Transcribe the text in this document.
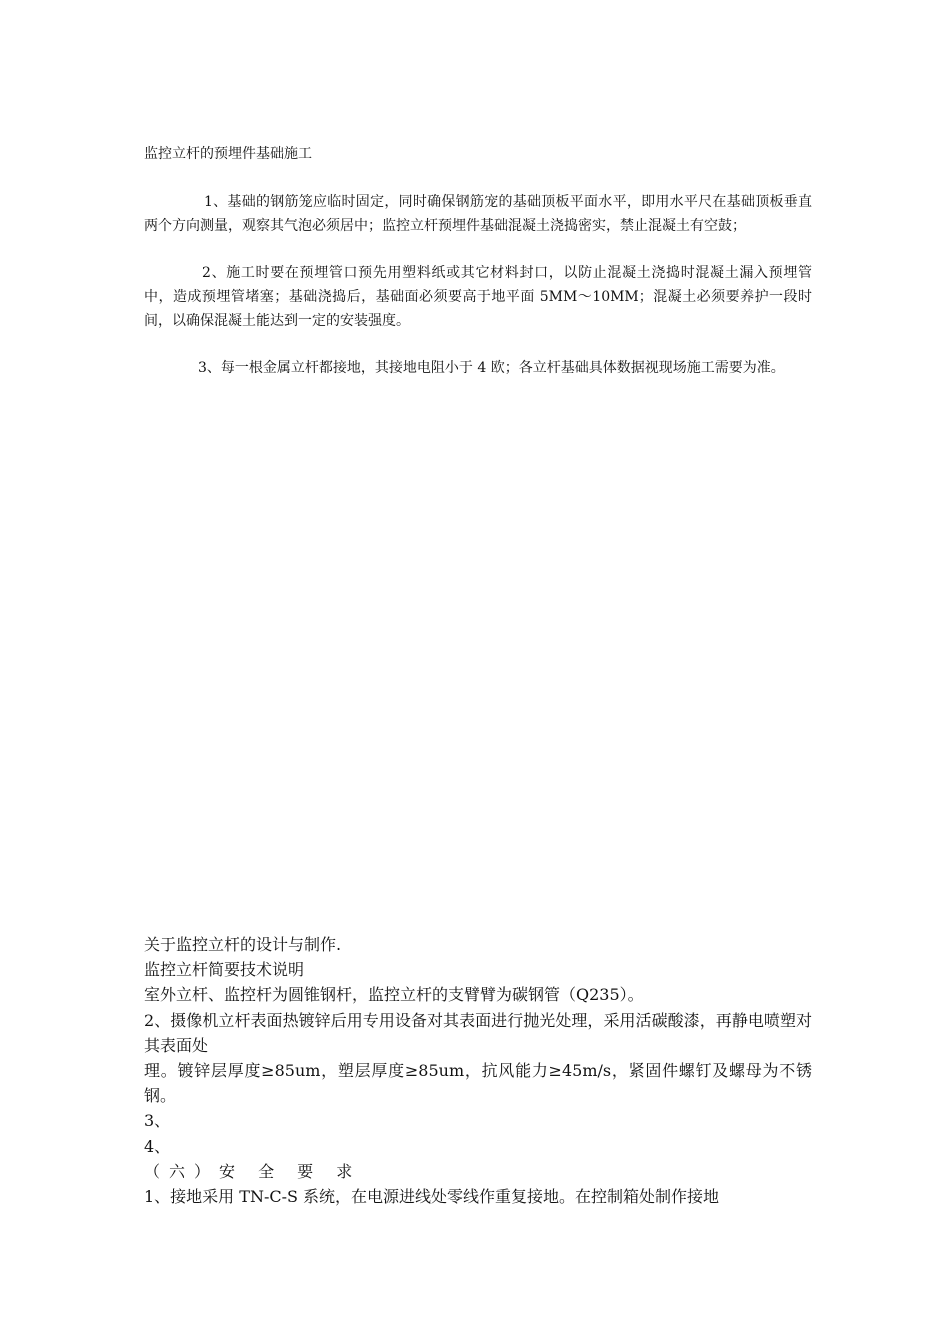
监控立杆的预埋件基础施工

1、基础的钢筋笼应临时固定，同时确保钢筋宠的基础顶板平面水平，即用水平尺在基础顶板垂直两个方向测量，观察其气泡必须居中；监控立杆预埋件基础混凝土浇捣密实，禁止混凝土有空鼓；

2、施工时要在预埋管口预先用塑料纸或其它材料封口，以防止混凝土浇捣时混凝土漏入预埋管中，造成预埋管堵塞；基础浇捣后，基础面必须要高于地平面 5MM～10MM；混凝土必须要养护一段时间，以确保混凝土能达到一定的安装强度。

3、每一根金属立杆都接地，其接地电阻小于 4 欧；各立杆基础具体数据视现场施工需要为准。

关于监控立杆的设计与制作.

监控立杆简要技术说明

室外立杆、监控杆为圆锥钢杆，监控立杆的支臂臂为碳钢管（Q235）。

2、摄像机立杆表面热镀锌后用专用设备对其表面进行抛光处理，采用活碳酸漆，再静电喷塑对其表面处

理。镀锌层厚度≥85um，塑层厚度≥85um，抗风能力≥45m/s，紧固件螺钉及螺母为不锈钢。

3、

4、

（六）安 全 要 求

1、接地采用 TN-C-S 系统，在电源进线处零线作重复接地。在控制箱处制作接地
